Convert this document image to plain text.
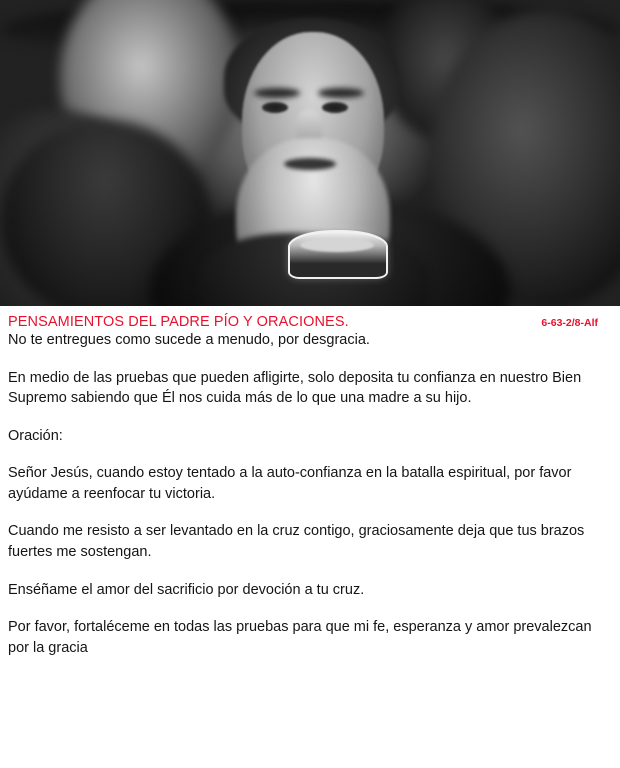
PENSAMIENTOS DEL PADRE PÍO Y ORACIONES.	6-63-2/8-Alf

No te entregues como sucede a menudo, por desgracia.

En medio de las pruebas que pueden afligirte, solo deposita tu confianza en nuestro Bien Supremo sabiendo que Él nos cuida más de lo que una madre a su hijo.

Oración:

Señor Jesús, cuando estoy tentado a la auto-confianza en la batalla espiritual, por favor ayúdame a reenfocar tu victoria.

Cuando me resisto a ser levantado en la cruz contigo, graciosamente deja que tus brazos fuertes me sostengan.

Enséñame el amor del sacrificio por devoción a tu cruz.

Por favor, fortaléceme en todas las pruebas para que mi fe, esperanza y amor prevalezcan por la gracia
